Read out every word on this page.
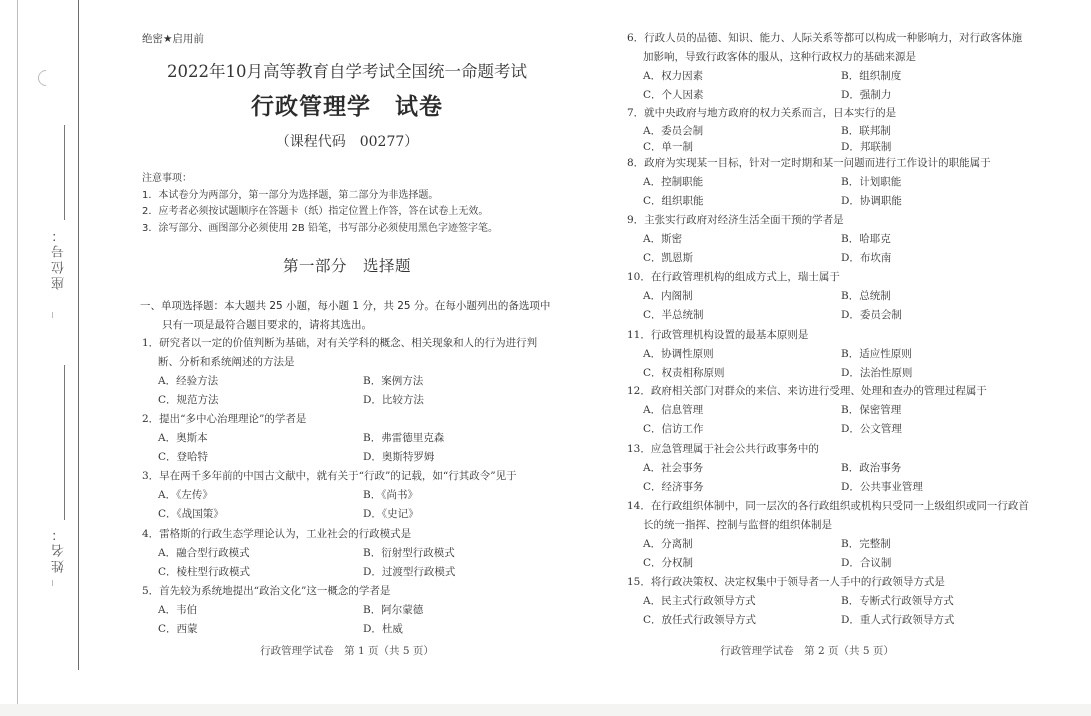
座位号：
姓名：
绝密★启用前
2022年10月高等教育自学考试全国统一命题考试
行政管理学　试卷
（课程代码　00277）
注意事项：
1．本试卷分为两部分，第一部分为选择题，第二部分为非选择题。
2．应考者必须按试题顺序在答题卡（纸）指定位置上作答，答在试卷上无效。
3．涂写部分、画图部分必须使用 2B 铅笔，书写部分必须使用黑色字迹签字笔。
第一部分　选择题
一、单项选择题：本大题共 25 小题，每小题 1 分，共 25 分。在每小题列出的备选项中
只有一项是最符合题目要求的，请将其选出。
1．研究者以一定的价值判断为基础，对有关学科的概念、相关现象和人的行为进行判
断、分析和系统阐述的方法是
A．经验方法	B．案例方法
C．规范方法	D．比较方法
2．提出“多中心治理理论”的学者是
A．奥斯本	B．弗雷德里克森
C．登哈特	D．奥斯特罗姆
3．早在两千多年前的中国古文献中，就有关于“行政”的记载，如“行其政令”见于
A．《左传》	B．《尚书》
C．《战国策》	D．《史记》
4．雷格斯的行政生态学理论认为，工业社会的行政模式是
A．融合型行政模式	B．衍射型行政模式
C．棱柱型行政模式	D．过渡型行政模式
5．首先较为系统地提出“政治文化”这一概念的学者是
A．韦伯	B．阿尔蒙德
C．西蒙	D．杜威
行政管理学试卷　第 1 页（共 5 页）
6．行政人员的品德、知识、能力、人际关系等都可以构成一种影响力，对行政客体施
加影响，导致行政客体的服从，这种行政权力的基础来源是
A．权力因素	B．组织制度
C．个人因素	D．强制力
7．就中央政府与地方政府的权力关系而言，日本实行的是
A．委员会制	B．联邦制
C．单一制	D．邦联制
8．政府为实现某一目标，针对一定时期和某一问题而进行工作设计的职能属于
A．控制职能	B．计划职能
C．组织职能	D．协调职能
9．主张实行政府对经济生活全面干预的学者是
A．斯密	B．哈耶克
C．凯恩斯	D．布坎南
10．在行政管理机构的组成方式上，瑞士属于
A．内阁制	B．总统制
C．半总统制	D．委员会制
11．行政管理机构设置的最基本原则是
A．协调性原则	B．适应性原则
C．权责相称原则	D．法治性原则
12．政府相关部门对群众的来信、来访进行受理、处理和查办的管理过程属于
A．信息管理	B．保密管理
C．信访工作	D．公文管理
13．应急管理属于社会公共行政事务中的
A．社会事务	B．政治事务
C．经济事务	D．公共事业管理
14．在行政组织体制中，同一层次的各行政组织或机构只受同一上级组织或同一行政首
长的统一指挥、控制与监督的组织体制是
A．分离制	B．完整制
C．分权制	D．合议制
15．将行政决策权、决定权集中于领导者一人手中的行政领导方式是
A．民主式行政领导方式	B．专断式行政领导方式
C．放任式行政领导方式	D．重人式行政领导方式
行政管理学试卷　第 2 页（共 5 页）
